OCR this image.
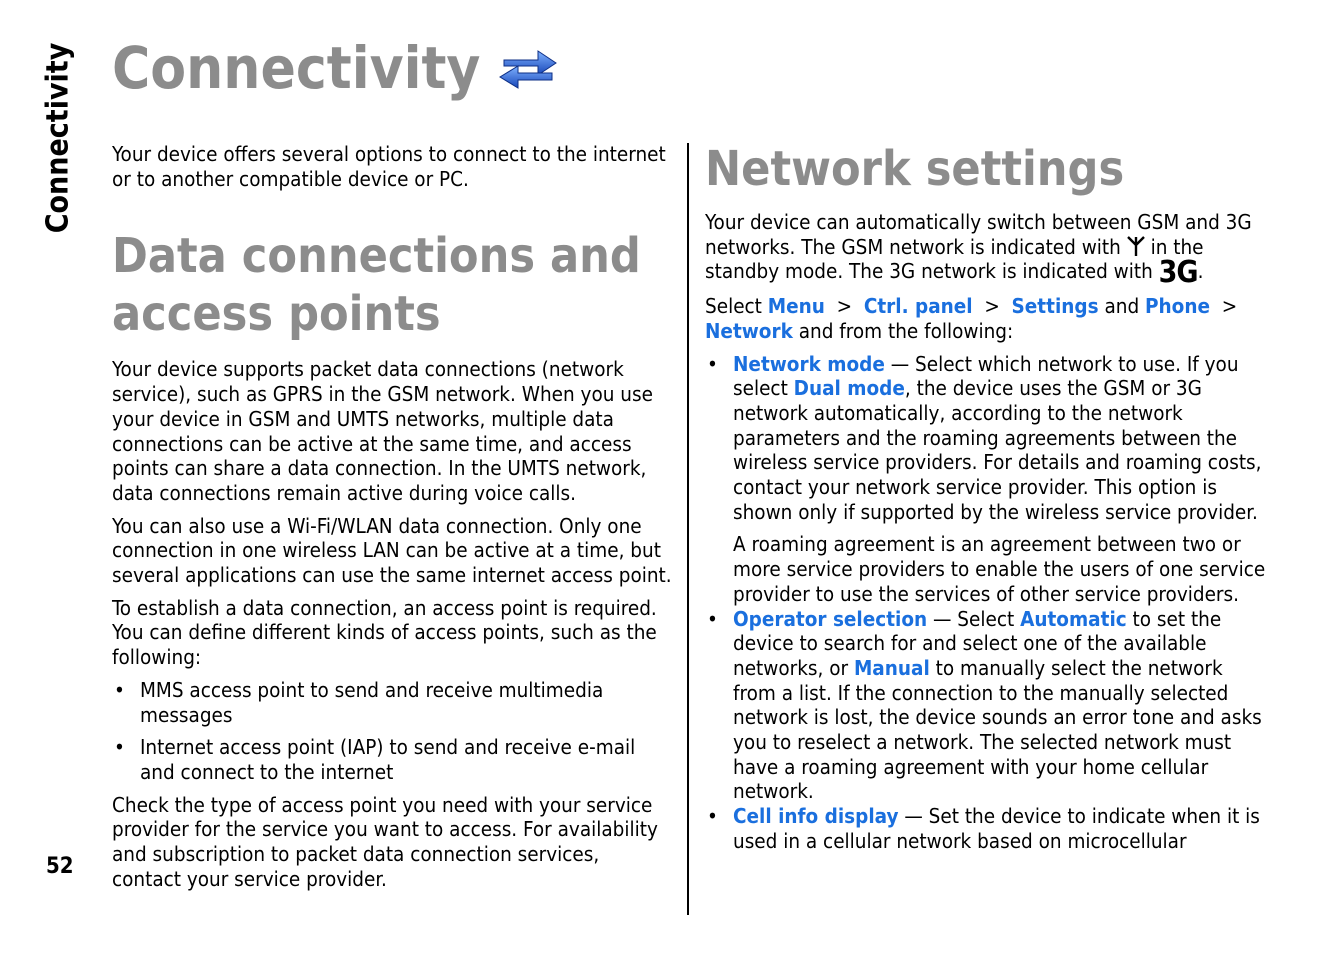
Connectivity
52
Connectivity

Your device offers several options to connect to the internet or to another compatible device or PC.

Data connections and access points

Your device supports packet data connections (network service), such as GPRS in the GSM network. When you use your device in GSM and UMTS networks, multiple data connections can be active at the same time, and access points can share a data connection. In the UMTS network, data connections remain active during voice calls.

You can also use a Wi-Fi/WLAN data connection. Only one connection in one wireless LAN can be active at a time, but several applications can use the same internet access point.

To establish a data connection, an access point is required. You can define different kinds of access points, such as the following:

• MMS access point to send and receive multimedia messages
• Internet access point (IAP) to send and receive e-mail and connect to the internet

Check the type of access point you need with your service provider for the service you want to access. For availability and subscription to packet data connection services, contact your service provider.

Network settings

Your device can automatically switch between GSM and 3G networks. The GSM network is indicated with in the standby mode. The 3G network is indicated with 3G.

Select Menu > Ctrl. panel > Settings and Phone > Network and from the following:

• Network mode — Select which network to use. If you select Dual mode, the device uses the GSM or 3G network automatically, according to the network parameters and the roaming agreements between the wireless service providers. For details and roaming costs, contact your network service provider. This option is shown only if supported by the wireless service provider.

A roaming agreement is an agreement between two or more service providers to enable the users of one service provider to use the services of other service providers.

• Operator selection — Select Automatic to set the device to search for and select one of the available networks, or Manual to manually select the network from a list. If the connection to the manually selected network is lost, the device sounds an error tone and asks you to reselect a network. The selected network must have a roaming agreement with your home cellular network.
• Cell info display — Set the device to indicate when it is used in a cellular network based on microcellular
